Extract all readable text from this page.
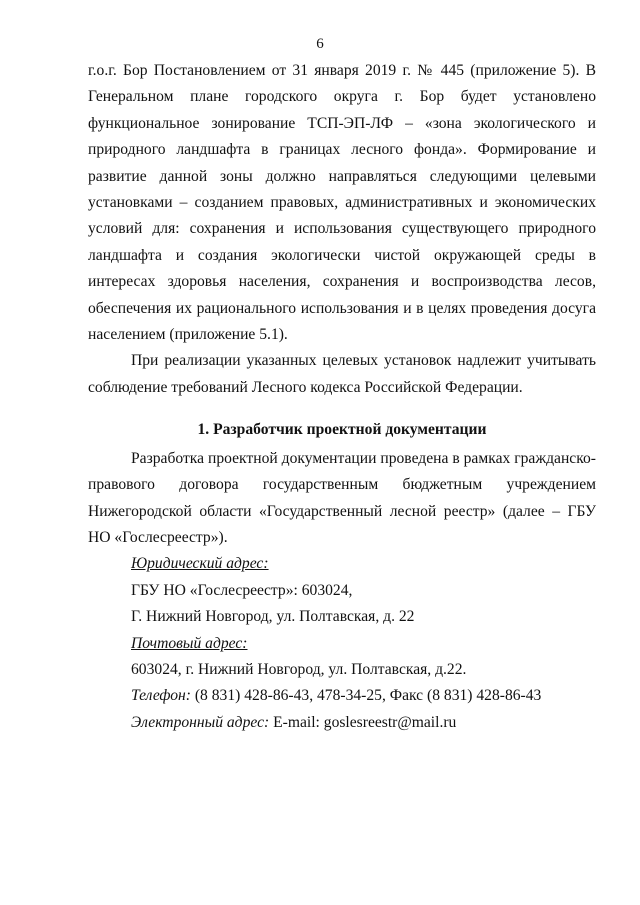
6

г.о.г. Бор Постановлением от 31 января 2019 г. № 445 (приложение 5). В Генеральном плане городского округа г. Бор будет установлено функциональное зонирование ТСП-ЭП-ЛФ – «зона экологического и природного ландшафта в границах лесного фонда». Формирование и развитие данной зоны должно направляться следующими целевыми установками – созданием правовых, административных и экономических условий для: сохранения и использования существующего природного ландшафта и создания экологически чистой окружающей среды в интересах здоровья населения, сохранения и воспроизводства лесов, обеспечения их рационального использования и в целях проведения досуга населением (приложение 5.1).

При реализации указанных целевых установок надлежит учитывать соблюдение требований Лесного кодекса Российской Федерации.

1. Разработчик проектной документации

Разработка проектной документации проведена в рамках гражданско-правового договора государственным бюджетным учреждением Нижегородской области «Государственный лесной реестр» (далее – ГБУ НО «Гослесреестр»).

Юридический адрес:
ГБУ НО «Гослесрееcтр»: 603024,
Г. Нижний Новгород, ул. Полтавская, д. 22
Почтовый адрес:
603024, г. Нижний Новгород, ул. Полтавская, д.22.
Телефон: (8 831) 428-86-43, 478-34-25, Факс (8 831) 428-86-43
Электронный адрес: E-mail: goslesreestr@mail.ru
